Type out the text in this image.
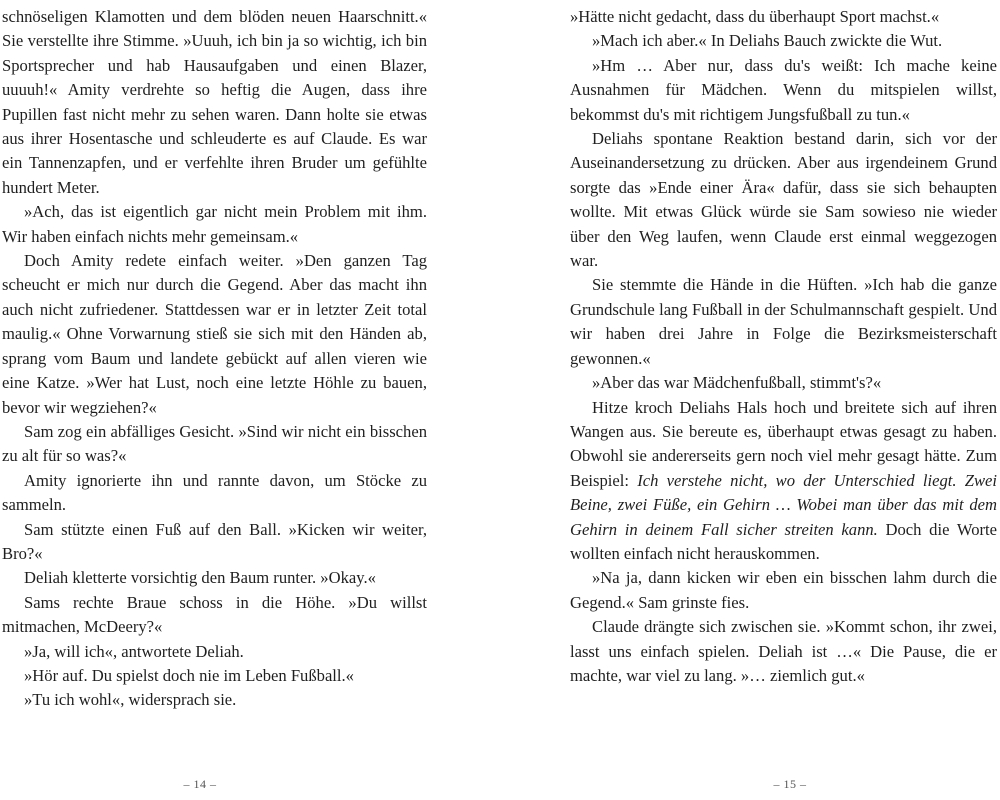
schnöseligen Klamotten und dem blöden neuen Haarschnitt.« Sie verstellte ihre Stimme. »Uuuh, ich bin ja so wichtig, ich bin Sportsprecher und hab Hausaufgaben und einen Blazer, uuuuh!« Amity verdrehte so heftig die Augen, dass ihre Pupillen fast nicht mehr zu sehen waren. Dann holte sie etwas aus ihrer Hosentasche und schleuderte es auf Claude. Es war ein Tannenzapfen, und er verfehlte ihren Bruder um gefühlte hundert Meter.

»Ach, das ist eigentlich gar nicht mein Problem mit ihm. Wir haben einfach nichts mehr gemeinsam.«

Doch Amity redete einfach weiter. »Den ganzen Tag scheucht er mich nur durch die Gegend. Aber das macht ihn auch nicht zufriedener. Stattdessen war er in letzter Zeit total maulig.« Ohne Vorwarnung stieß sie sich mit den Händen ab, sprang vom Baum und landete gebückt auf allen vieren wie eine Katze. »Wer hat Lust, noch eine letzte Höhle zu bauen, bevor wir wegziehen?«

Sam zog ein abfälliges Gesicht. »Sind wir nicht ein bisschen zu alt für so was?«

Amity ignorierte ihn und rannte davon, um Stöcke zu sammeln.

Sam stützte einen Fuß auf den Ball. »Kicken wir weiter, Bro?«

Deliah kletterte vorsichtig den Baum runter. »Okay.«

Sams rechte Braue schoss in die Höhe. »Du willst mitmachen, McDeery?«

»Ja, will ich«, antwortete Deliah.

»Hör auf. Du spielst doch nie im Leben Fußball.«

»Tu ich wohl«, widersprach sie.

– 14 –

»Hätte nicht gedacht, dass du überhaupt Sport machst.«

»Mach ich aber.« In Deliahs Bauch zwickte die Wut.

»Hm … Aber nur, dass du's weißt: Ich mache keine Ausnahmen für Mädchen. Wenn du mitspielen willst, bekommst du's mit richtigem Jungsfußball zu tun.«

Deliahs spontane Reaktion bestand darin, sich vor der Auseinandersetzung zu drücken. Aber aus irgendeinem Grund sorgte das »Ende einer Ära« dafür, dass sie sich behaupten wollte. Mit etwas Glück würde sie Sam sowieso nie wieder über den Weg laufen, wenn Claude erst einmal weggezogen war.

Sie stemmte die Hände in die Hüften. »Ich hab die ganze Grundschule lang Fußball in der Schulmannschaft gespielt. Und wir haben drei Jahre in Folge die Bezirksmeisterschaft gewonnen.«

»Aber das war Mädchenfußball, stimmt's?«

Hitze kroch Deliahs Hals hoch und breitete sich auf ihren Wangen aus. Sie bereute es, überhaupt etwas gesagt zu haben. Obwohl sie andererseits gern noch viel mehr gesagt hätte. Zum Beispiel: Ich verstehe nicht, wo der Unterschied liegt. Zwei Beine, zwei Füße, ein Gehirn … Wobei man über das mit dem Gehirn in deinem Fall sicher streiten kann. Doch die Worte wollten einfach nicht herauskommen.

»Na ja, dann kicken wir eben ein bisschen lahm durch die Gegend.« Sam grinste fies.

Claude drängte sich zwischen sie. »Kommt schon, ihr zwei, lasst uns einfach spielen. Deliah ist …« Die Pause, die er machte, war viel zu lang. »… ziemlich gut.«

– 15 –
